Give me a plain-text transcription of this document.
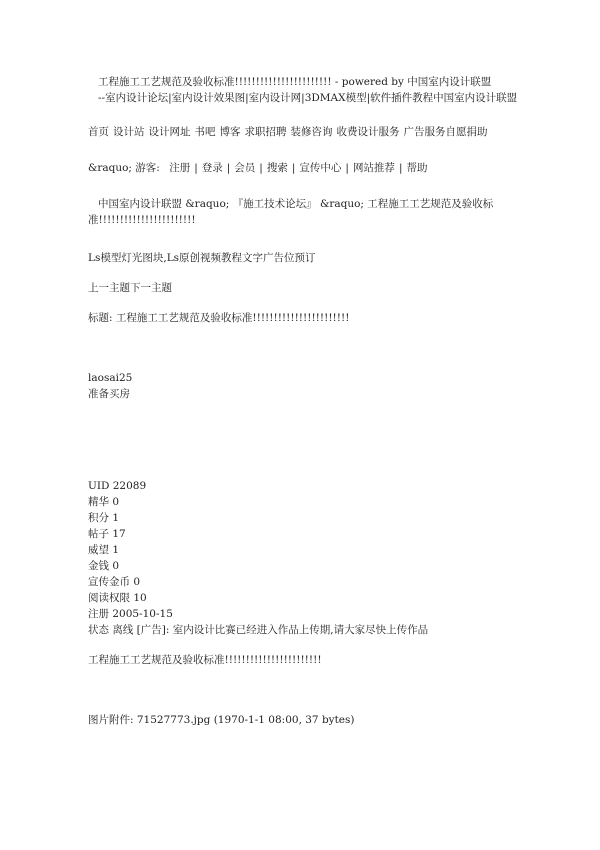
工程施工工艺规范及验收标准!!!!!!!!!!!!!!!!!!!!!!! - powered by 中国室内设计联盟
--室内设计论坛|室内设计效果图|室内设计网|3DMAX模型|软件插件教程中国室内设计联盟
首页 设计站 设计网址 书吧 博客 求职招聘 装修咨询 收费设计服务 广告服务自愿捐助
&raquo; 游客: 注册 | 登录 | 会员 | 搜索 | 宣传中心 | 网站推荐 | 帮助
中国室内设计联盟 &raquo; 『施工技术论坛』 &raquo; 工程施工工艺规范及验收标
准!!!!!!!!!!!!!!!!!!!!!!!
Ls模型灯光图块,Ls原创视频教程文字广告位预订
上一主题下一主题
标题: 工程施工工艺规范及验收标准!!!!!!!!!!!!!!!!!!!!!!!
laosai25
准备买房
UID 22089
精华 0
积分 1
帖子 17
威望 1
金钱 0
宣传金币 0
阅读权限 10
注册 2005-10-15
状态 离线 [广告]: 室内设计比赛已经进入作品上传期,请大家尽快上传作品
工程施工工艺规范及验收标准!!!!!!!!!!!!!!!!!!!!!!!
图片附件: 71527773.jpg (1970-1-1 08:00, 37 bytes)
